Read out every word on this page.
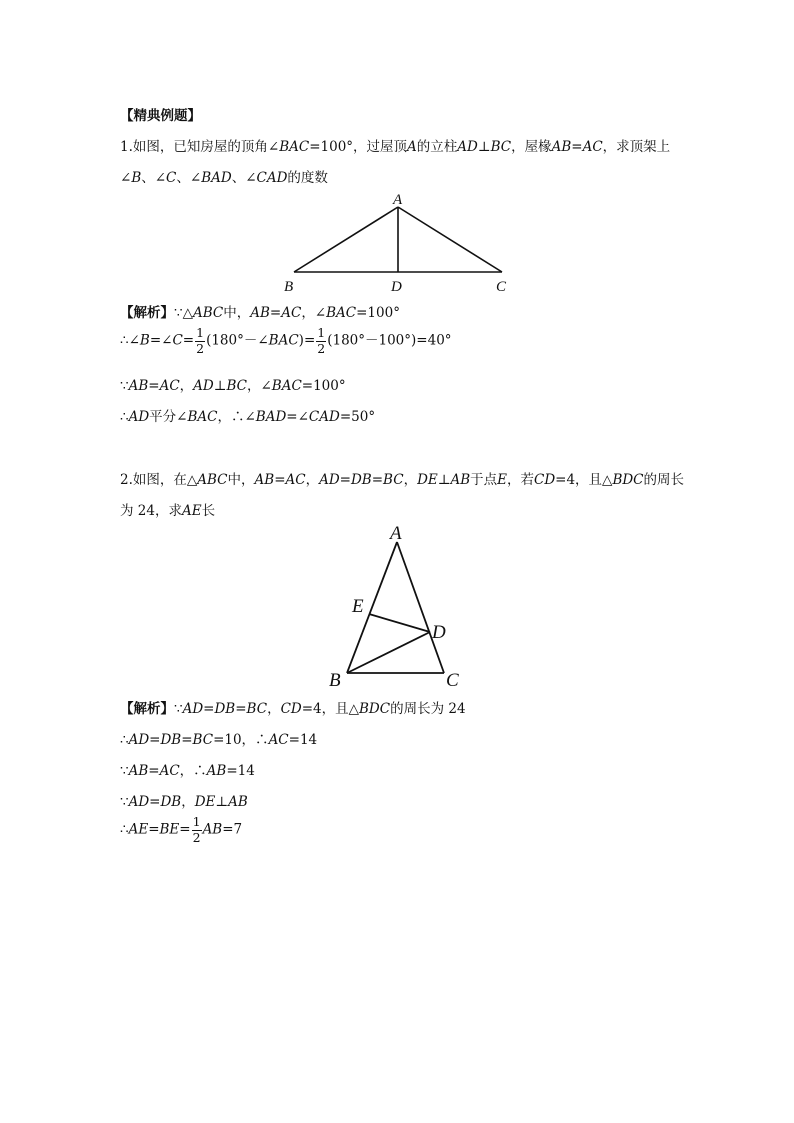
【精典例题】
1.如图，已知房屋的顶角∠BAC=100°，过屋顶A的立柱AD⊥BC，屋椽AB=AC，求顶架上
∠B、∠C、∠BAD、∠CAD的度数
A
B	D	C
【解析】∵△ABC中，AB=AC，∠BAC=100°
∴∠B=∠C= $\frac{1}{2}$ (180°－∠BAC)= $\frac{1}{2} (180^\circ-100^\circ)=40^\circ$
∵AB=AC，AD⊥BC，∠BAC=100°
∴AD平分∠BAC，∴∠BAD=∠CAD=50°
2.如图，在△ABC中，AB=AC，AD=DB=BC，DE⊥AB于点E，若CD=4，且△BDC的周长
为 24，求AE长
A
E
D
B	C
【解析】∵AD=DB=BC，CD=4，且△BDC的周长为 24
∴AD=DB=BC=10，∴AC=14
∵AB=AC，∴AB=14
∵AD=DB，DE⊥AB
∴AE=BE= $\frac{1}{2} AB=7$
